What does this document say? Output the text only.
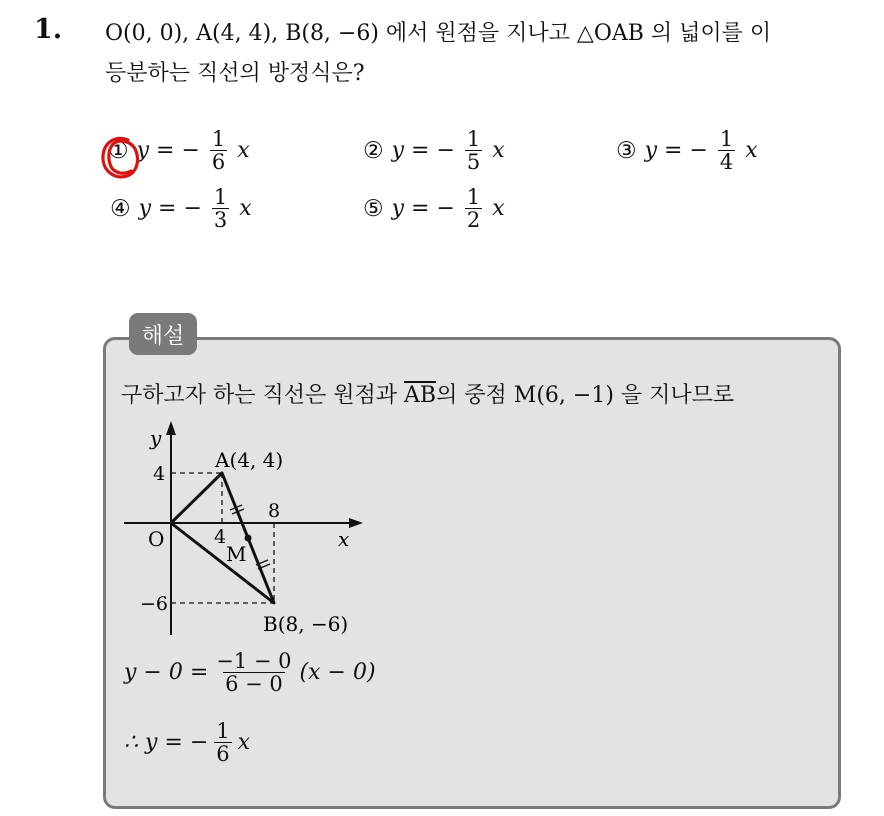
1. O(0, 0), A(4, 4), B(8, −6) 에서 원점을 지나고 △OAB 의 넓이를 이
등분하는 직선의 방정식은?
① y = − $\frac{1}{6}$ x	② y = − $\frac{1}{5}$ x	③ y = − $\frac{1}{4}$ x
④ y = − $\frac{1}{3}$ x	⑤ y = − $\frac{1}{2}$ x
해설
구하고자 하는 직선은 원점과 $\overline{AB}$의 중점 M(6, −1) 을 지나므로
y
x
O
A(4, 4)
B(8, −6)
M
4
4
8
−6
$y - 0 = \frac{-1 - 0}{6 - 0} (x - 0)$
∴ y = − $\frac{1}{6}$ x
